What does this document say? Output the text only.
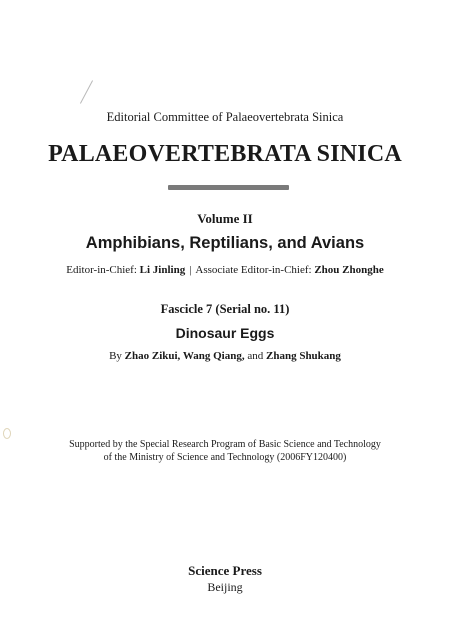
Editorial Committee of Palaeovertebrata Sinica
PALAEOVERTEBRATA SINICA
Volume II
Amphibians, Reptilians, and Avians
Editor-in-Chief: Li Jinling | Associate Editor-in-Chief: Zhou Zhonghe
Fascicle 7 (Serial no. 11)
Dinosaur Eggs
By Zhao Zikui, Wang Qiang, and Zhang Shukang
Supported by the Special Research Program of Basic Science and Technology
of the Ministry of Science and Technology (2006FY120400)
Science Press
Beijing
